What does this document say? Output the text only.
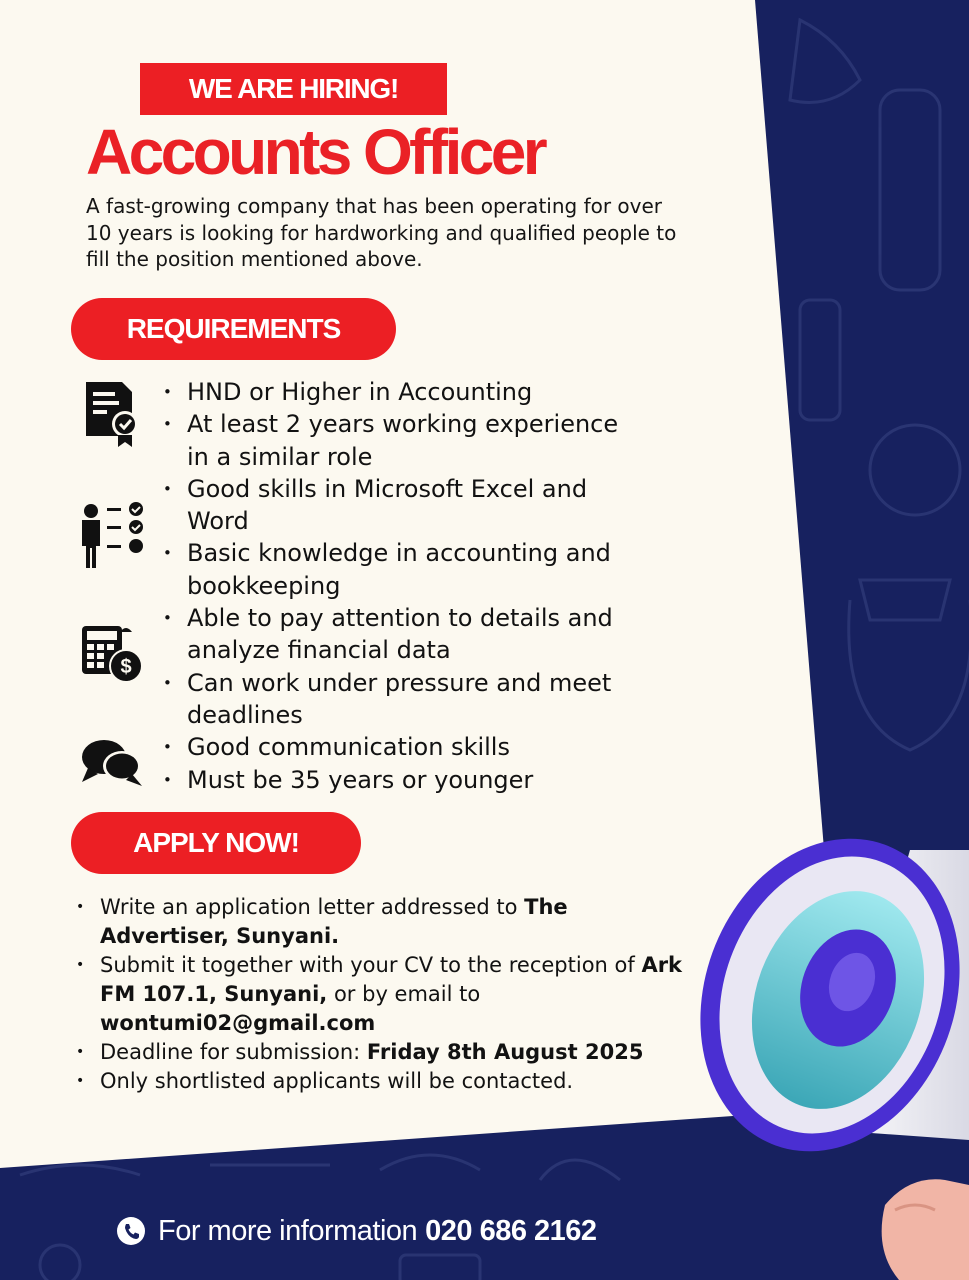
WE ARE HIRING!
Accounts Officer
A fast-growing company that has been operating for over 10 years is looking for hardworking and qualified people to fill the position mentioned above.
REQUIREMENTS
$
• HND or Higher in Accounting
• At least 2 years working experience in a similar role
• Good skills in Microsoft Excel and Word
• Basic knowledge in accounting and bookkeeping
• Able to pay attention to details and analyze financial data
• Can work under pressure and meet deadlines
• Good communication skills
• Must be 35 years or younger
APPLY NOW!
• Write an application letter addressed to The Advertiser, Sunyani.
• Submit it together with your CV to the reception of Ark FM 107.1, Sunyani, or by email to wontumi02@gmail.com
• Deadline for submission: Friday 8th August 2025
• Only shortlisted applicants will be contacted.
For more information 020 686 2162
